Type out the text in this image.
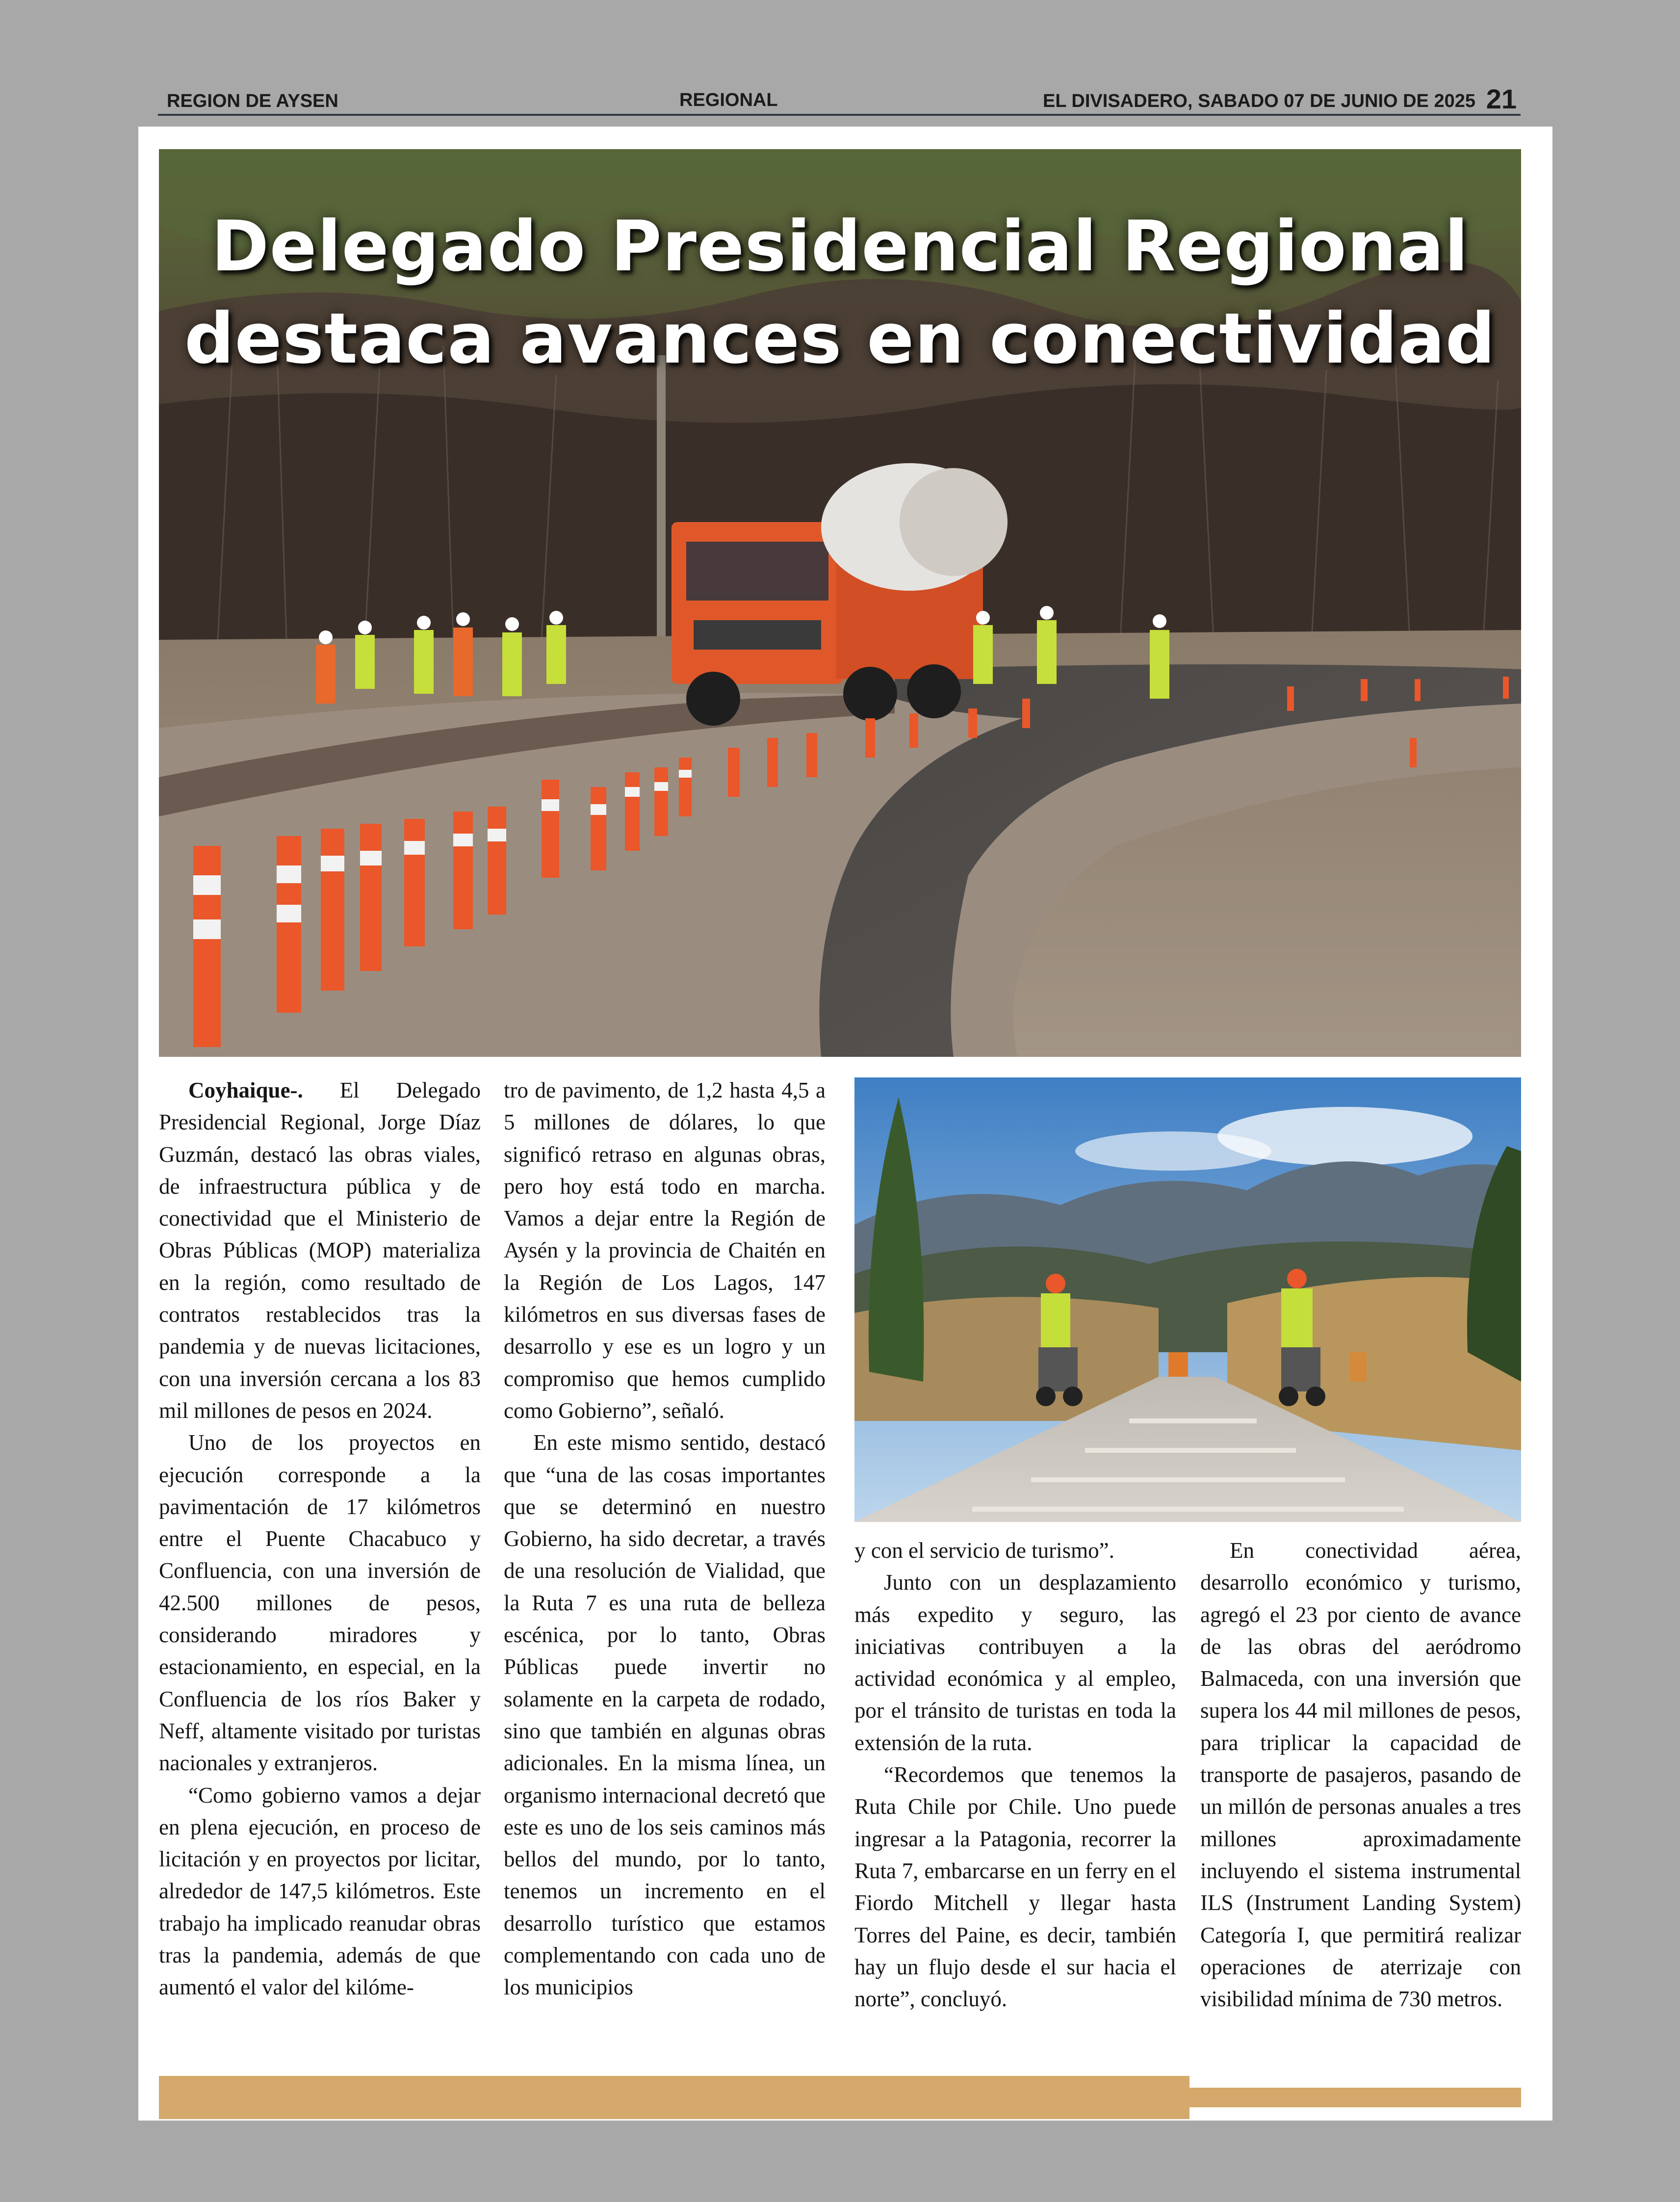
REGION DE AYSEN	REGIONAL	EL DIVISADERO, SABADO 07 DE JUNIO DE 2025 21
Delegado Presidencial Regional
destaca avances en conectividad

Coyhaique-. El Delegado Presidencial Regional, Jorge Díaz Guzmán, destacó las obras viales, de infraestructura pública y de conectividad que el Ministerio de Obras Públicas (MOP) materializa en la región, como resultado de contratos restablecidos tras la pandemia y de nuevas licitaciones, con una inversión cercana a los 83 mil millones de pesos en 2024.

Uno de los proyectos en ejecución corresponde a la pavimentación de 17 kilómetros entre el Puente Chacabuco y Confluencia, con una inversión de 42.500 millones de pesos, considerando miradores y estacionamiento, en especial, en la Confluencia de los ríos Baker y Neff, altamente visitado por turistas nacionales y extranjeros.

“Como gobierno vamos a dejar en plena ejecución, en proceso de licitación y en proyectos por licitar, alrededor de 147,5 kilómetros. Este trabajo ha implicado reanudar obras tras la pandemia, además de que aumentó el valor del kilóme-

tro de pavimento, de 1,2 hasta 4,5 a 5 millones de dólares, lo que significó retraso en algunas obras, pero hoy está todo en marcha. Vamos a dejar entre la Región de Aysén y la provincia de Chaitén en la Región de Los Lagos, 147 kilómetros en sus diversas fases de desarrollo y ese es un logro y un compromiso que hemos cumplido como Gobierno”, señaló.

En este mismo sentido, destacó que “una de las cosas importantes que se determinó en nuestro Gobierno, ha sido decretar, a través de una resolución de Vialidad, que la Ruta 7 es una ruta de belleza escénica, por lo tanto, Obras Públicas puede invertir no solamente en la carpeta de rodado, sino que también en algunas obras adicionales. En la misma línea, un organismo internacional decretó que este es uno de los seis caminos más bellos del mundo, por lo tanto, tenemos un incremento en el desarrollo turístico que estamos complementando con cada uno de los municipios

y con el servicio de turismo”.

Junto con un desplazamiento más expedito y seguro, las iniciativas contribuyen a la actividad económica y al empleo, por el tránsito de turistas en toda la extensión de la ruta.

“Recordemos que tenemos la Ruta Chile por Chile. Uno puede ingresar a la Patagonia, recorrer la Ruta 7, embarcarse en un ferry en el Fiordo Mitchell y llegar hasta Torres del Paine, es decir, también hay un flujo desde el sur hacia el norte”, concluyó.

En conectividad aérea, desarrollo económico y turismo, agregó el 23 por ciento de avance de las obras del aeródromo Balmaceda, con una inversión que supera los 44 mil millones de pesos, para triplicar la capacidad de transporte de pasajeros, pasando de un millón de personas anuales a tres millones aproximadamente incluyendo el sistema instrumental ILS (Instrument Landing System) Categoría I, que permitirá realizar operaciones de aterrizaje con visibilidad mínima de 730 metros.
